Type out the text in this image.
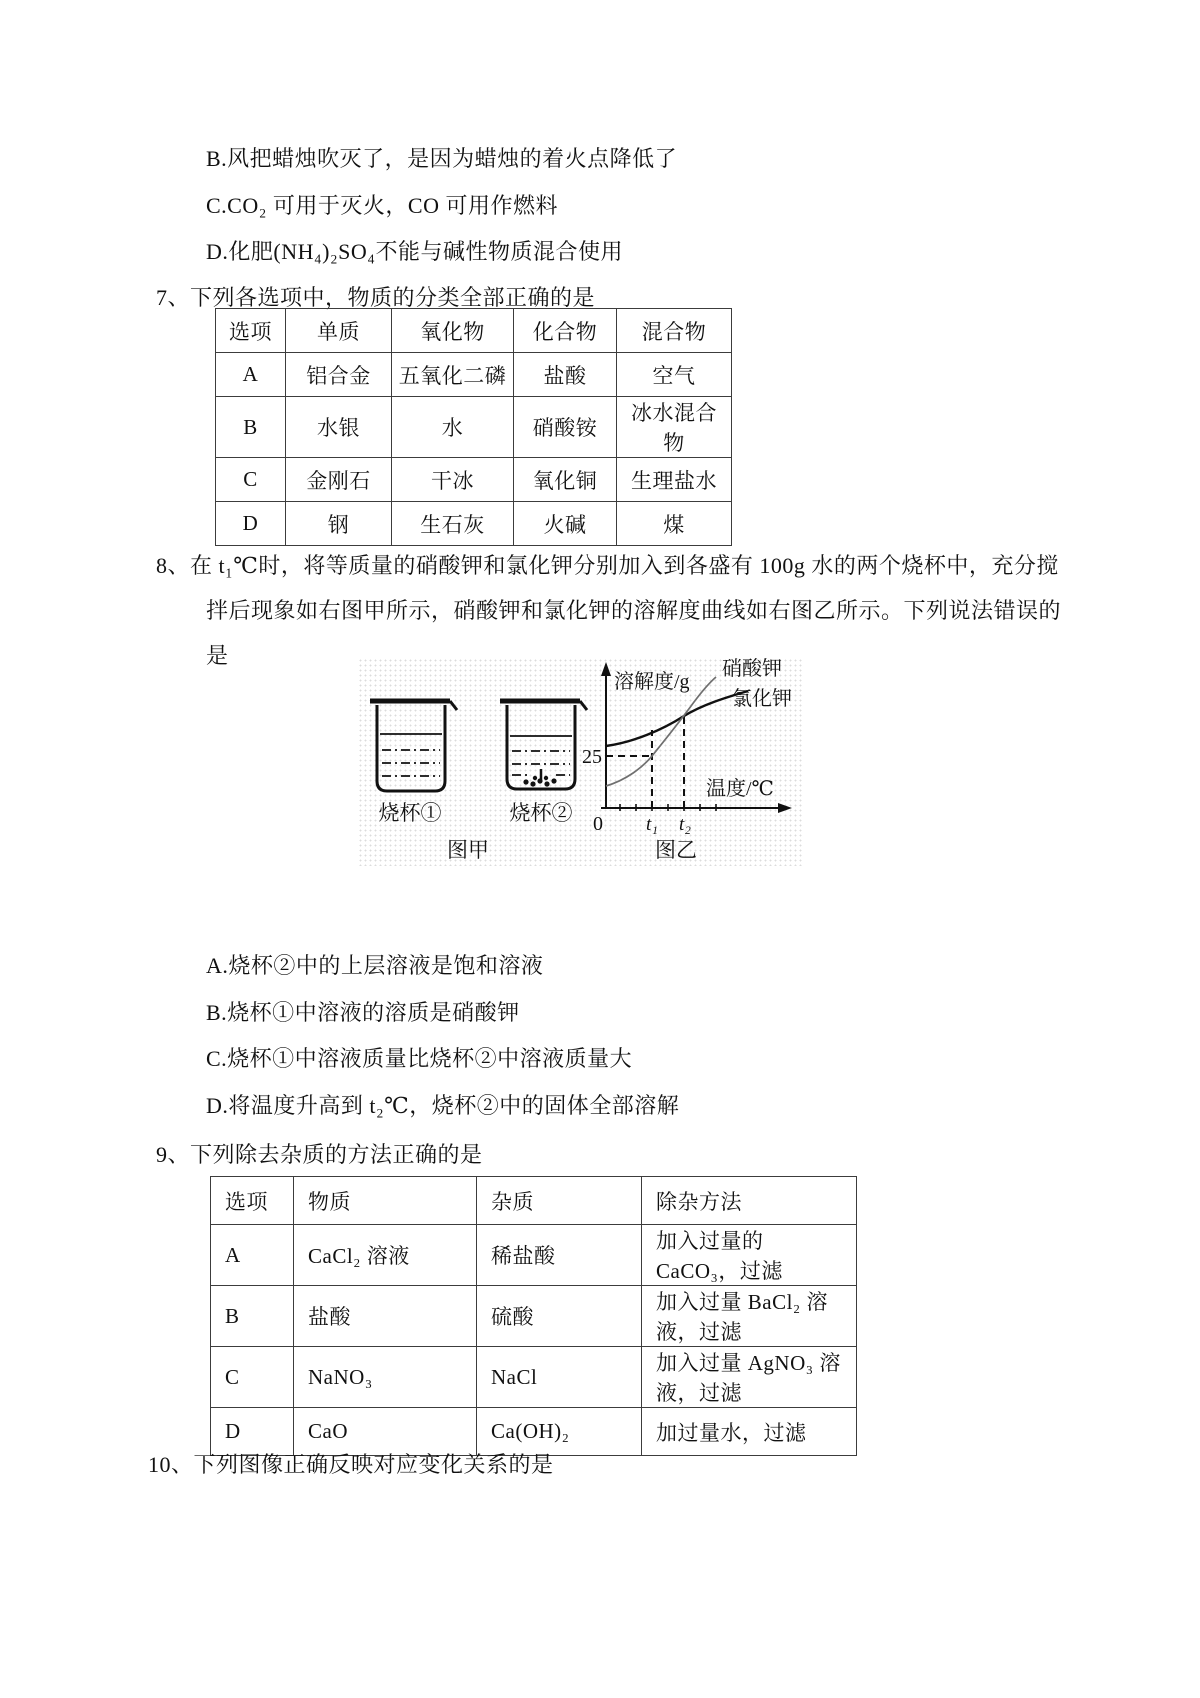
B.风把蜡烛吹灭了，是因为蜡烛的着火点降低了
C.CO₂ 可用于灭火，CO 可用作燃料
D.化肥(NH₄)₂SO₄不能与碱性物质混合使用
7、下列各选项中，物质的分类全部正确的是
选项	单质	氧化物	化合物	混合物
A	铝合金	五氧化二磷	盐酸	空气
B	水银	水	硝酸铵	冰水混合物
C	金刚石	干冰	氧化铜	生理盐水
D	钢	生石灰	火碱	煤
8、在 t₁℃时，将等质量的硝酸钾和氯化钾分别加入到各盛有 100g 水的两个烧杯中，充分搅
拌后现象如右图甲所示，硝酸钾和氯化钾的溶解度曲线如右图乙所示。下列说法错误的
是
烧杯①	烧杯②
图甲
溶解度/g
25
硝酸钾
氯化钾
温度/℃
0 t₁ t₂
图乙
A.烧杯②中的上层溶液是饱和溶液
B.烧杯①中溶液的溶质是硝酸钾
C.烧杯①中溶液质量比烧杯②中溶液质量大
D.将温度升高到 t₂℃，烧杯②中的固体全部溶解
9、下列除去杂质的方法正确的是
选项	物质	杂质	除杂方法
A	CaCl₂ 溶液	稀盐酸	加入过量的 CaCO₃，过滤
B	盐酸	硫酸	加入过量 BaCl₂ 溶液，过滤
C	NaNO₃	NaCl	加入过量 AgNO₃ 溶液，过滤
D	CaO	Ca(OH)₂	加过量水，过滤
10、下列图像正确反映对应变化关系的是
